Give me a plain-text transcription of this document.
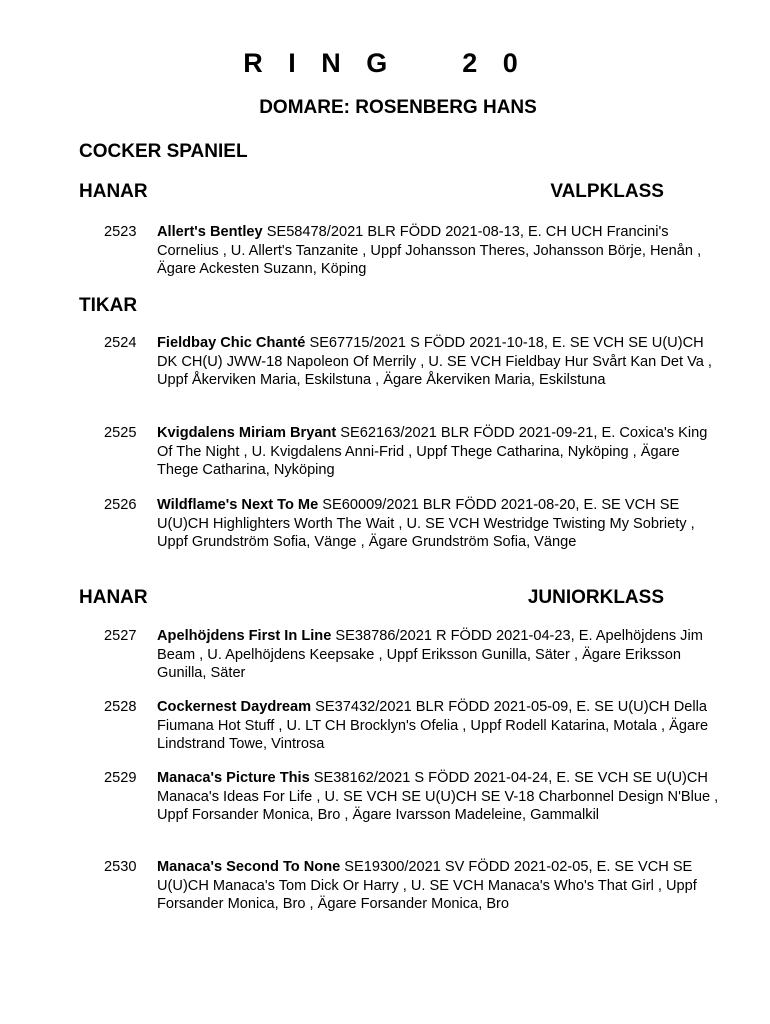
R I N G    2 0
DOMARE: ROSENBERG HANS
COCKER SPANIEL
HANAR	VALPKLASS
2523 Allert's Bentley SE58478/2021 BLR FÖDD 2021-08-13, E. CH UCH Francini's Cornelius , U. Allert's Tanzanite , Uppf Johansson Theres, Johansson Börje, Henån , Ägare Ackesten Suzann, Köping
TIKAR
2524 Fieldbay Chic Chanté SE67715/2021 S FÖDD 2021-10-18, E. SE VCH SE U(U)CH DK CH(U) JWW-18 Napoleon Of Merrily , U. SE VCH Fieldbay Hur Svårt Kan Det Va , Uppf Åkerviken Maria, Eskilstuna , Ägare Åkerviken Maria, Eskilstuna
2525 Kvigdalens Miriam Bryant SE62163/2021 BLR FÖDD 2021-09-21, E. Coxica's King Of The Night , U. Kvigdalens Anni-Frid , Uppf Thege Catharina, Nyköping , Ägare Thege Catharina, Nyköping
2526 Wildflame's Next To Me SE60009/2021 BLR FÖDD 2021-08-20, E. SE VCH SE U(U)CH Highlighters Worth The Wait , U. SE VCH Westridge Twisting My Sobriety , Uppf Grundström Sofia, Vänge , Ägare Grundström Sofia, Vänge
HANAR	JUNIORKLASS
2527 Apelhöjdens First In Line SE38786/2021 R FÖDD 2021-04-23, E. Apelhöjdens Jim Beam , U. Apelhöjdens Keepsake , Uppf Eriksson Gunilla, Säter , Ägare Eriksson Gunilla, Säter
2528 Cockernest Daydream SE37432/2021 BLR FÖDD 2021-05-09, E. SE U(U)CH Della Fiumana Hot Stuff , U. LT CH Brocklyn's Ofelia , Uppf Rodell Katarina, Motala , Ägare Lindstrand Towe, Vintrosa
2529 Manaca's Picture This SE38162/2021 S FÖDD 2021-04-24, E. SE VCH SE U(U)CH Manaca's Ideas For Life , U. SE VCH SE U(U)CH SE V-18 Charbonnel Design N'Blue , Uppf Forsander Monica, Bro , Ägare Ivarsson Madeleine, Gammalkil
2530 Manaca's Second To None SE19300/2021 SV FÖDD 2021-02-05, E. SE VCH SE U(U)CH Manaca's Tom Dick Or Harry , U. SE VCH Manaca's Who's That Girl , Uppf Forsander Monica, Bro , Ägare Forsander Monica, Bro
